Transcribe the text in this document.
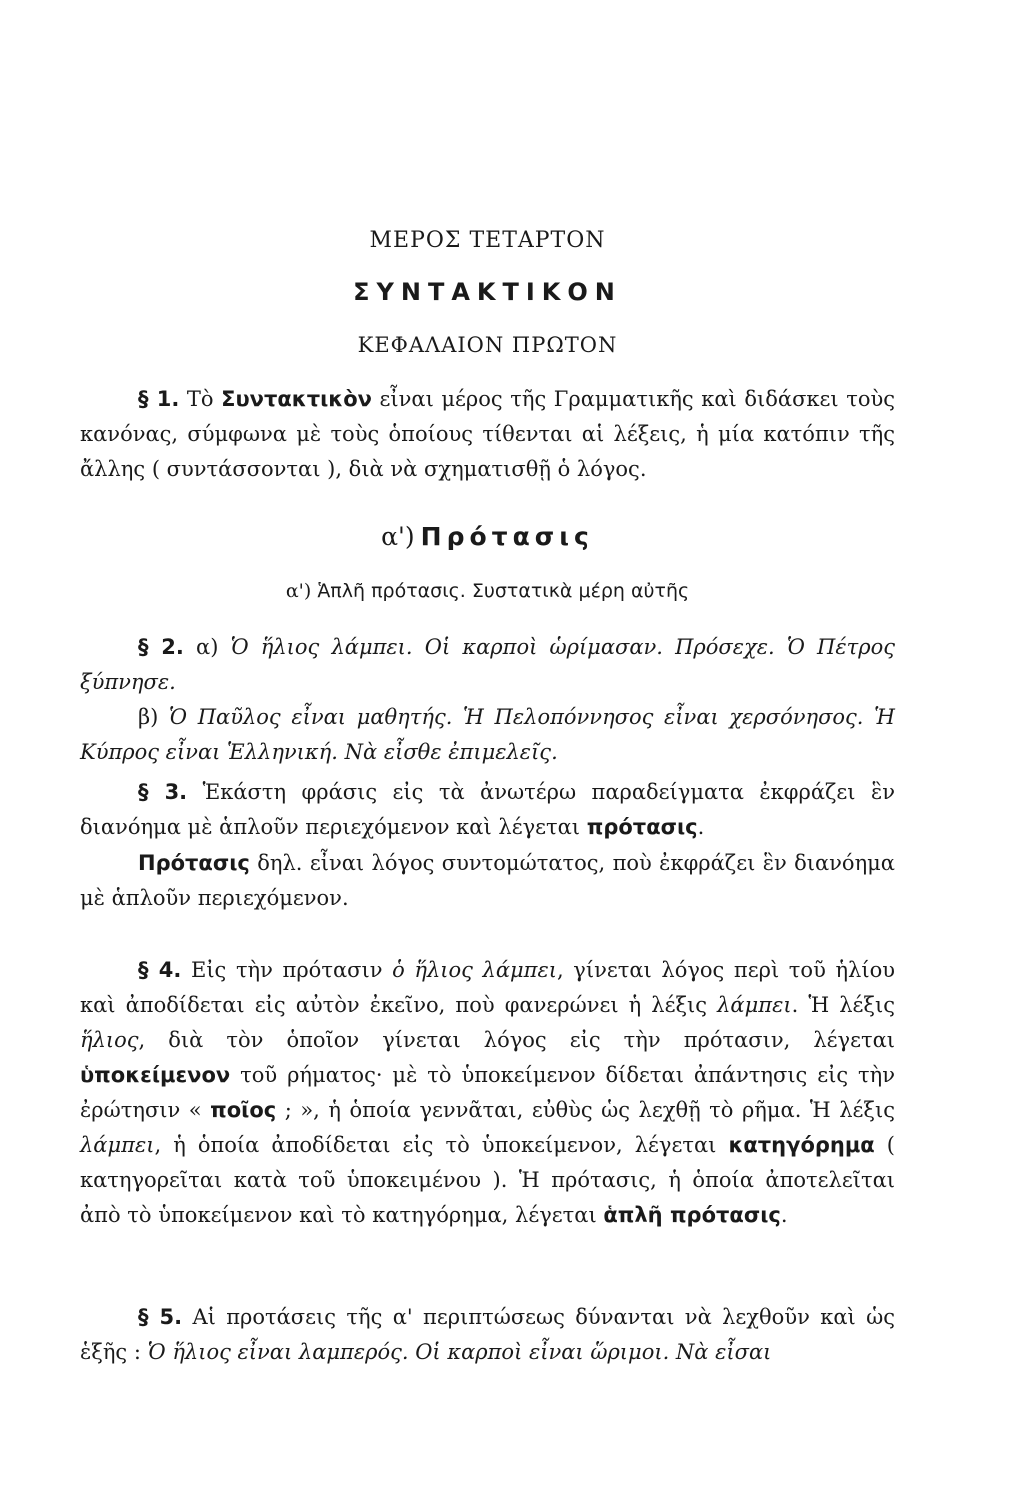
ΜΕΡΟΣ ΤΕΤΑΡΤΟΝ
ΣΥΝΤΑΚΤΙΚΟΝ
ΚΕΦΑΛΑΙΟΝ ΠΡΩΤΟΝ

§ 1. Τὸ Συντακτικὸν εἶναι μέρος τῆς Γραμματικῆς καὶ διδάσκει τοὺς κανόνας, σύμφωνα μὲ τοὺς ὁποίους τίθενται αἱ λέξεις, ἡ μία κατόπιν τῆς ἄλλης ( συντάσσονται ), διὰ νὰ σχηματισθῇ ὁ λόγος.

α') Πρότασις
α') Ἁπλῆ πρότασις. Συστατικὰ μέρη αὐτῆς

§ 2. α) Ὁ ἥλιος λάμπει. Οἱ καρποὶ ὡρίμασαν. Πρόσεχε. Ὁ Πέτρος ξύπνησε.

β) Ὁ Παῦλος εἶναι μαθητής. Ἡ Πελοπόννησος εἶναι χερσόνησος. Ἡ Κύπρος εἶναι Ἑλληνική. Νὰ εἶσθε ἐπιμελεῖς.

§ 3. Ἑκάστη φράσις εἰς τὰ ἀνωτέρω παραδείγματα ἐκφράζει ἓν διανόημα μὲ ἁπλοῦν περιεχόμενον καὶ λέγεται πρότασις.

Πρότασις δηλ. εἶναι λόγος συντομώτατος, ποὺ ἐκφράζει ἓν διανόημα μὲ ἁπλοῦν περιεχόμενον.

§ 4. Εἰς τὴν πρότασιν ὁ ἥλιος λάμπει, γίνεται λόγος περὶ τοῦ ἡλίου καὶ ἀποδίδεται εἰς αὐτὸν ἐκεῖνο, ποὺ φανερώνει ἡ λέξις λάμπει. Ἡ λέξις ἥλιος, διὰ τὸν ὁποῖον γίνεται λόγος εἰς τὴν πρότασιν, λέγεται ὑποκείμενον τοῦ ρήματος· μὲ τὸ ὑποκείμενον δίδεται ἀπάντησις εἰς τὴν ἐρώτησιν « ποῖος ; », ἡ ὁποία γεννᾶται, εὐθὺς ὡς λεχθῇ τὸ ρῆμα. Ἡ λέξις λάμπει, ἡ ὁποία ἀποδίδεται εἰς τὸ ὑποκείμενον, λέγεται κατηγόρημα ( κατηγορεῖται κατὰ τοῦ ὑποκειμένου ). Ἡ πρότασις, ἡ ὁποία ἀποτελεῖται ἀπὸ τὸ ὑποκείμενον καὶ τὸ κατηγόρημα, λέγεται ἁπλῆ πρότασις.

§ 5. Αἱ προτάσεις τῆς α' περιπτώσεως δύνανται νὰ λεχθοῦν καὶ ὡς ἑξῆς : Ὁ ἥλιος εἶναι λαμπερός. Οἱ καρποὶ εἶναι ὥριμοι. Νὰ εἶσαι
